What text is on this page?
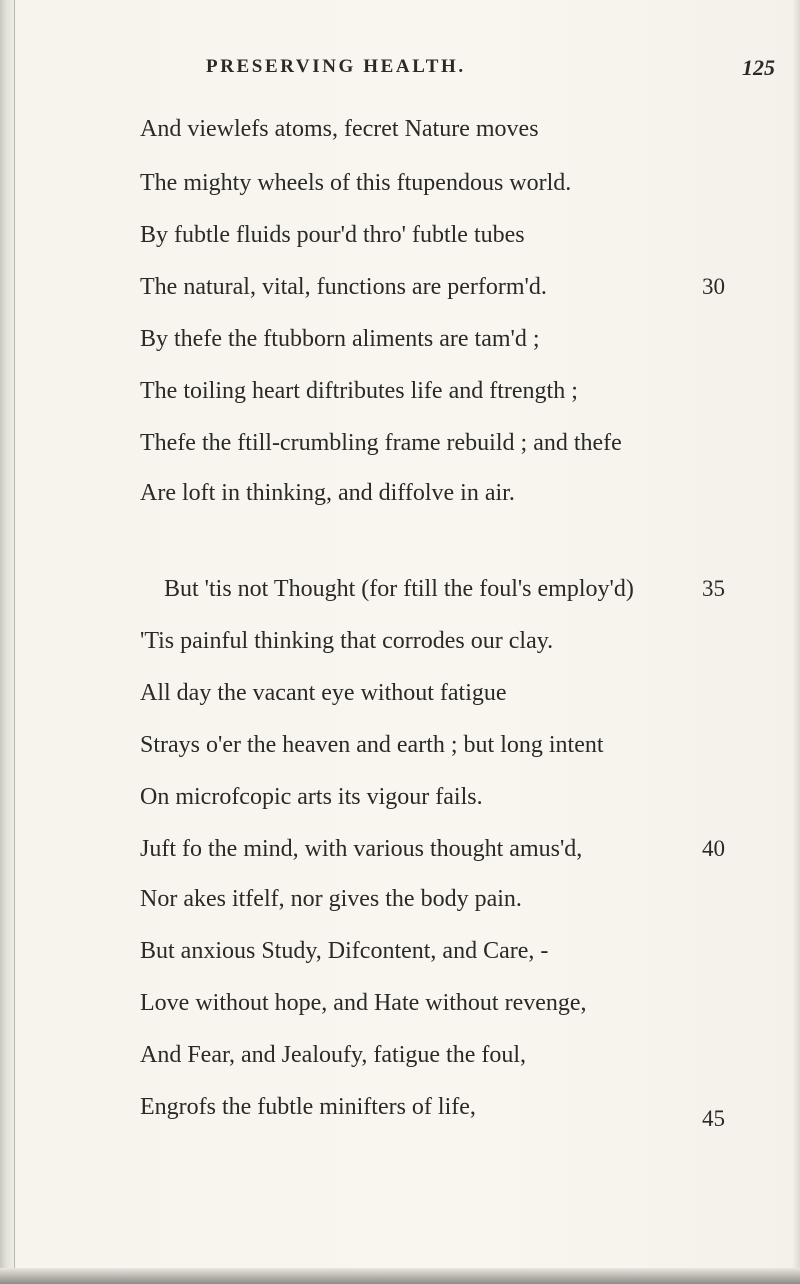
PRESERVING HEALTH.	125
And viewlefs atoms, fecret Nature moves
The mighty wheels of this ftupendous world.
By fubtle fluids pour'd thro' fubtle tubes
The natural, vital, functions are perform'd.	30
By thefe the ftubborn aliments are tam'd ;
The toiling heart diftributes life and ftrength ;
Thefe the ftill-crumbling frame rebuild ; and thefe
Are loft in thinking, and diffolve in air.
But 'tis not Thought (for ftill the foul's employ'd)	35
'Tis painful thinking that corrodes our clay.
All day the vacant eye without fatigue
Strays o'er the heaven and earth ; but long intent
On microfcopic arts its vigour fails.
Juft fo the mind, with various thought amus'd,	40
Nor akes itfelf, nor gives the body pain.
But anxious Study, Difcontent, and Care, -
Love without hope, and Hate without revenge,
And Fear, and Jealoufy, fatigue the foul,
Engrofs the fubtle minifters of life,	45
